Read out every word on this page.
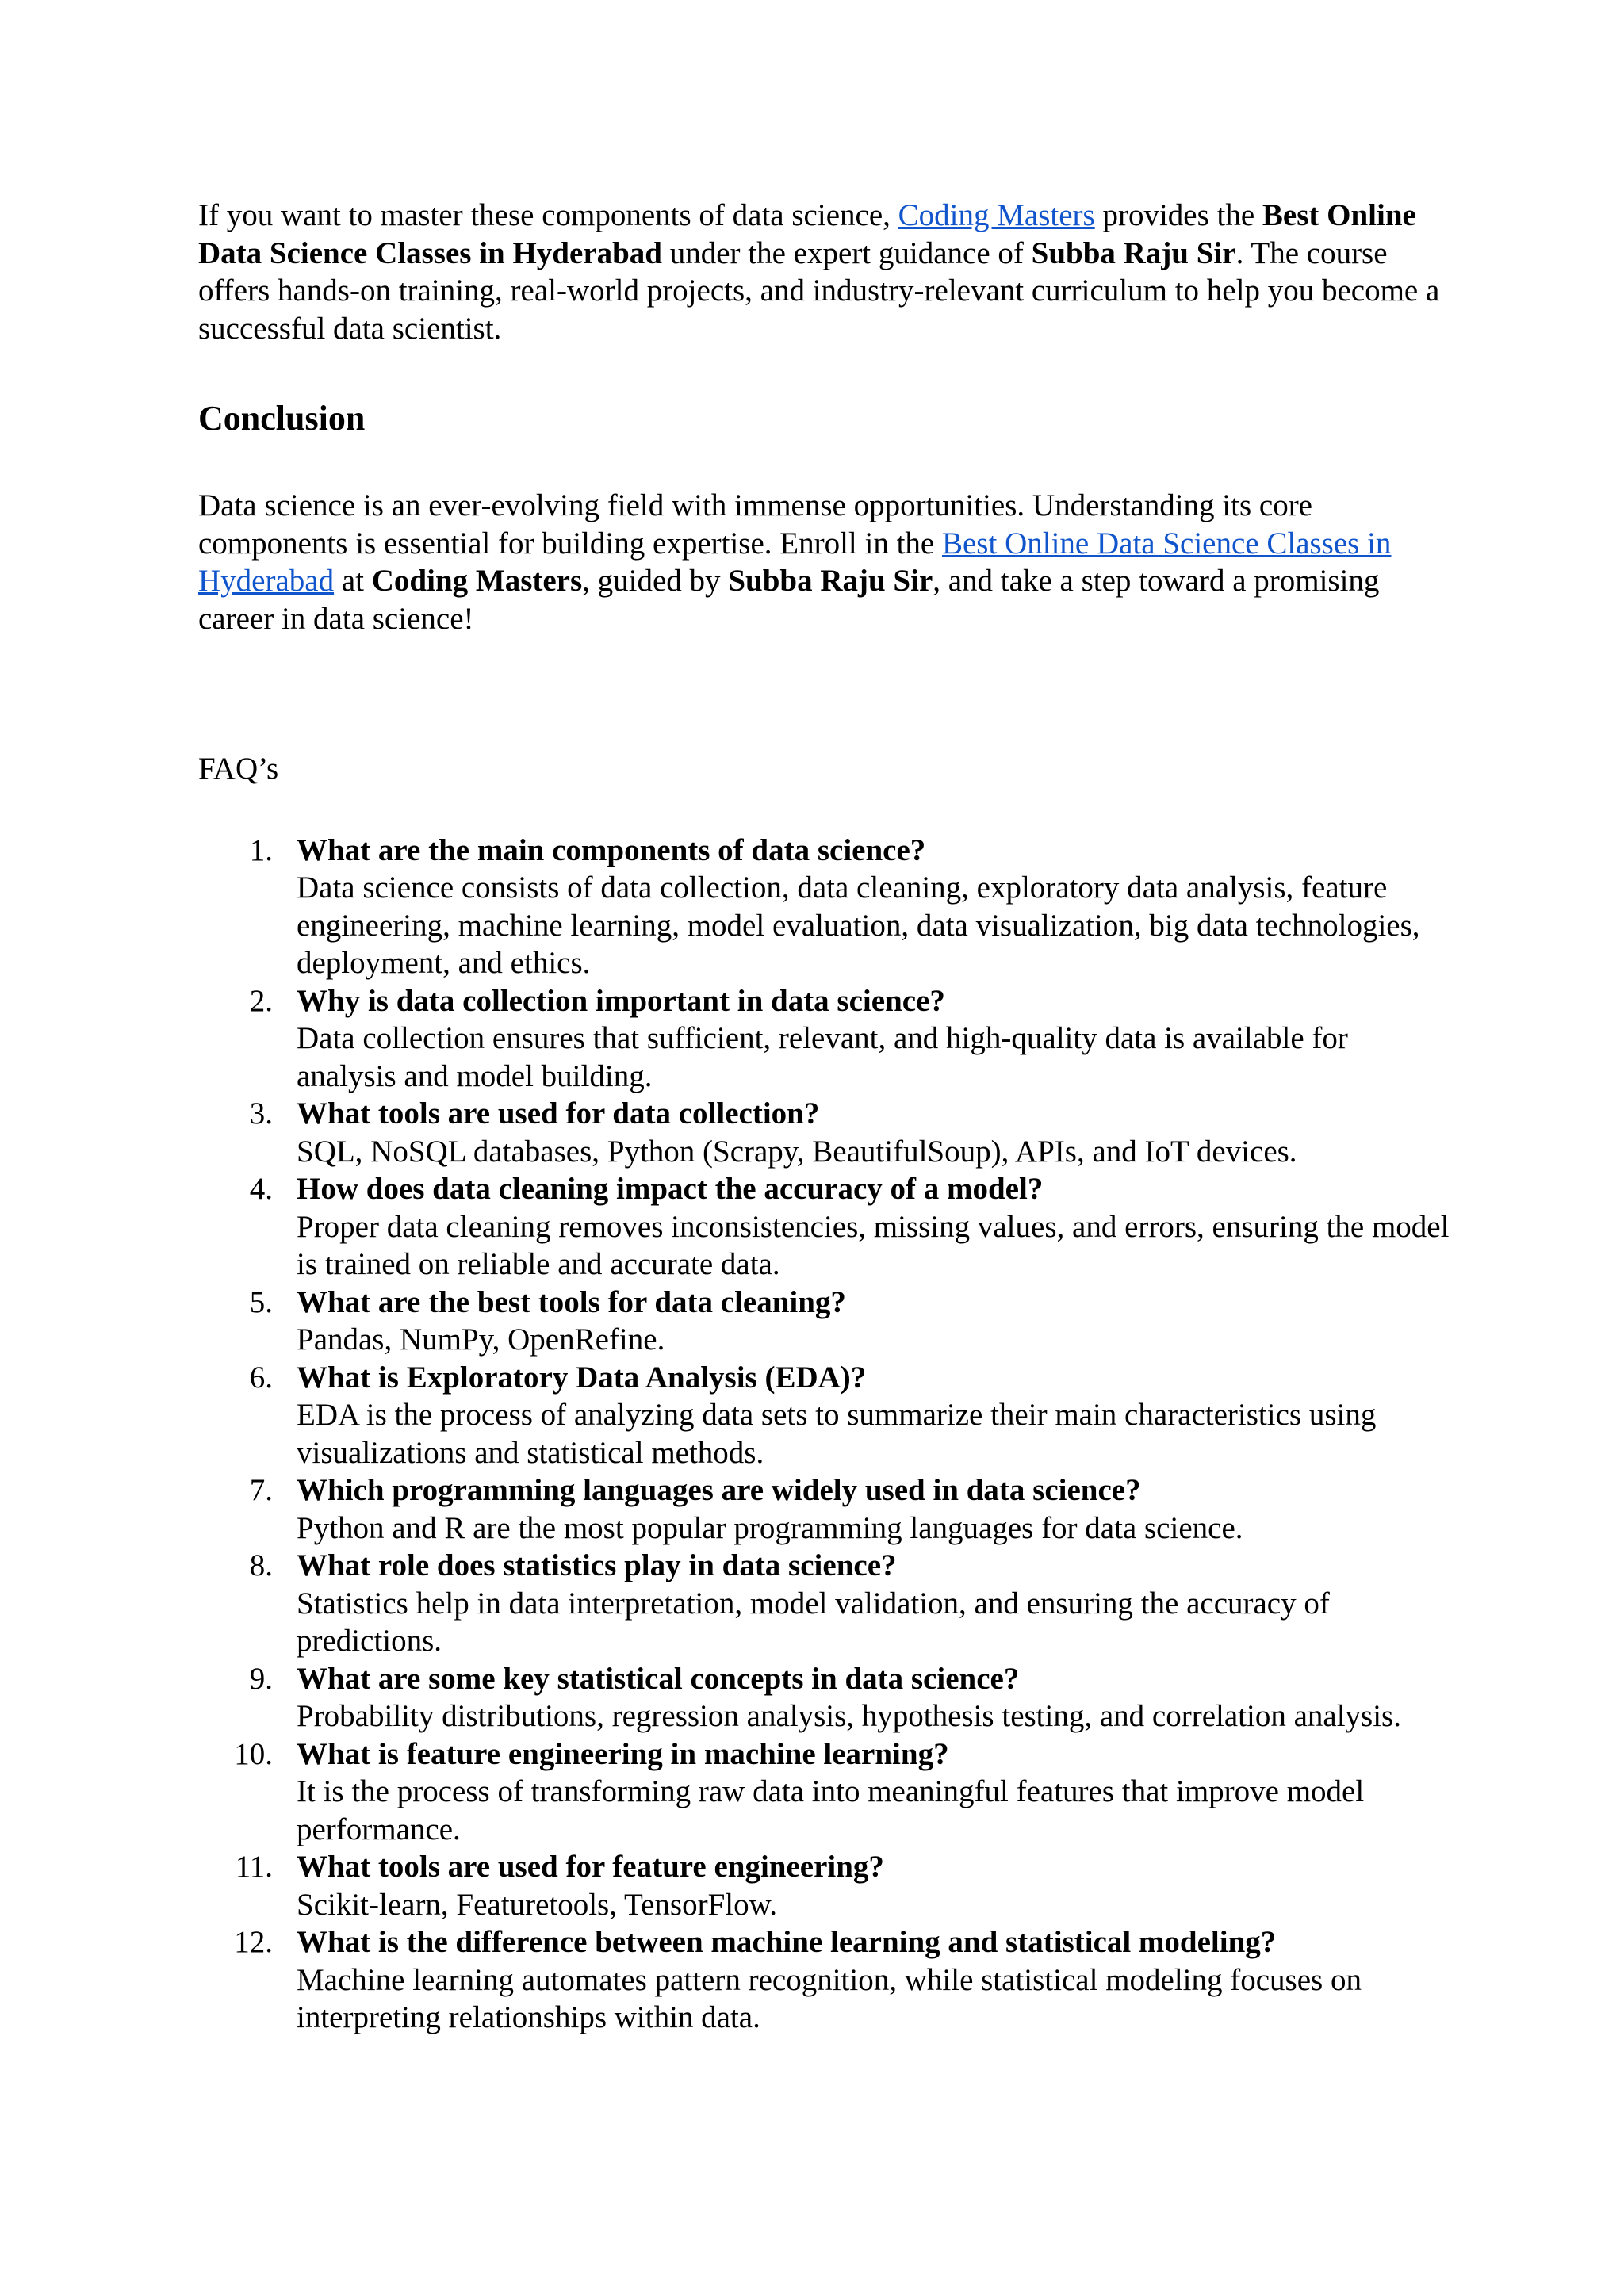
If you want to master these components of data science, Coding Masters provides the Best Online Data Science Classes in Hyderabad under the expert guidance of Subba Raju Sir. The course offers hands-on training, real-world projects, and industry-relevant curriculum to help you become a successful data scientist.

Conclusion

Data science is an ever-evolving field with immense opportunities. Understanding its core components is essential for building expertise. Enroll in the Best Online Data Science Classes in Hyderabad at Coding Masters, guided by Subba Raju Sir, and take a step toward a promising career in data science!

FAQ’s

1. What are the main components of data science?
Data science consists of data collection, data cleaning, exploratory data analysis, feature engineering, machine learning, model evaluation, data visualization, big data technologies, deployment, and ethics.
2. Why is data collection important in data science?
Data collection ensures that sufficient, relevant, and high-quality data is available for analysis and model building.
3. What tools are used for data collection?
SQL, NoSQL databases, Python (Scrapy, BeautifulSoup), APIs, and IoT devices.
4. How does data cleaning impact the accuracy of a model?
Proper data cleaning removes inconsistencies, missing values, and errors, ensuring the model is trained on reliable and accurate data.
5. What are the best tools for data cleaning?
Pandas, NumPy, OpenRefine.
6. What is Exploratory Data Analysis (EDA)?
EDA is the process of analyzing data sets to summarize their main characteristics using visualizations and statistical methods.
7. Which programming languages are widely used in data science?
Python and R are the most popular programming languages for data science.
8. What role does statistics play in data science?
Statistics help in data interpretation, model validation, and ensuring the accuracy of predictions.
9. What are some key statistical concepts in data science?
Probability distributions, regression analysis, hypothesis testing, and correlation analysis.
10. What is feature engineering in machine learning?
It is the process of transforming raw data into meaningful features that improve model performance.
11. What tools are used for feature engineering?
Scikit-learn, Featuretools, TensorFlow.
12. What is the difference between machine learning and statistical modeling?
Machine learning automates pattern recognition, while statistical modeling focuses on interpreting relationships within data.
